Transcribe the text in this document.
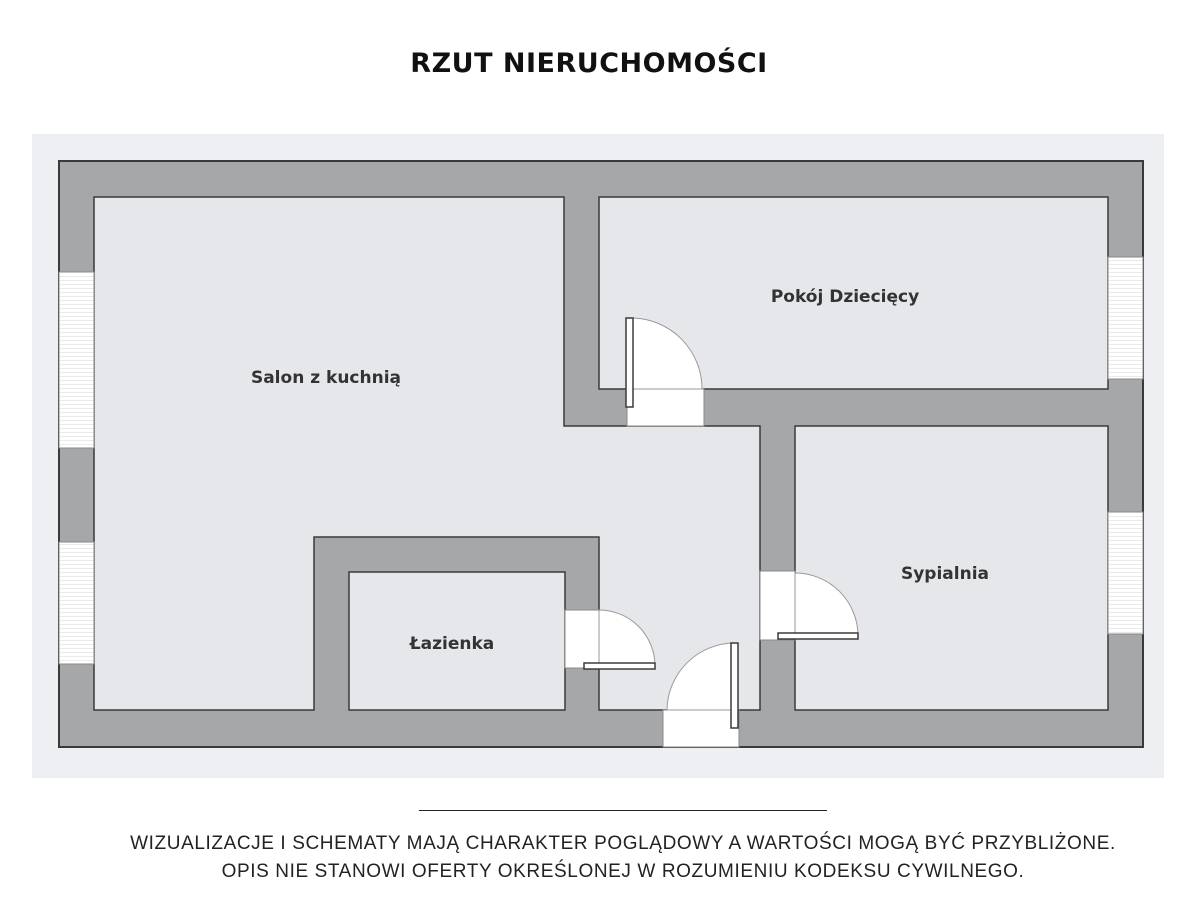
RZUT NIERUCHOMOŚCI
Salon z kuchnią
Pokój Dziecięcy
Sypialnia
Łazienka
WIZUALIZACJE I SCHEMATY MAJĄ CHARAKTER POGLĄDOWY A WARTOŚCI MOGĄ BYĆ PRZYBLIŻONE.
OPIS NIE STANOWI OFERTY OKREŚLONEJ W ROZUMIENIU KODEKSU CYWILNEGO.
